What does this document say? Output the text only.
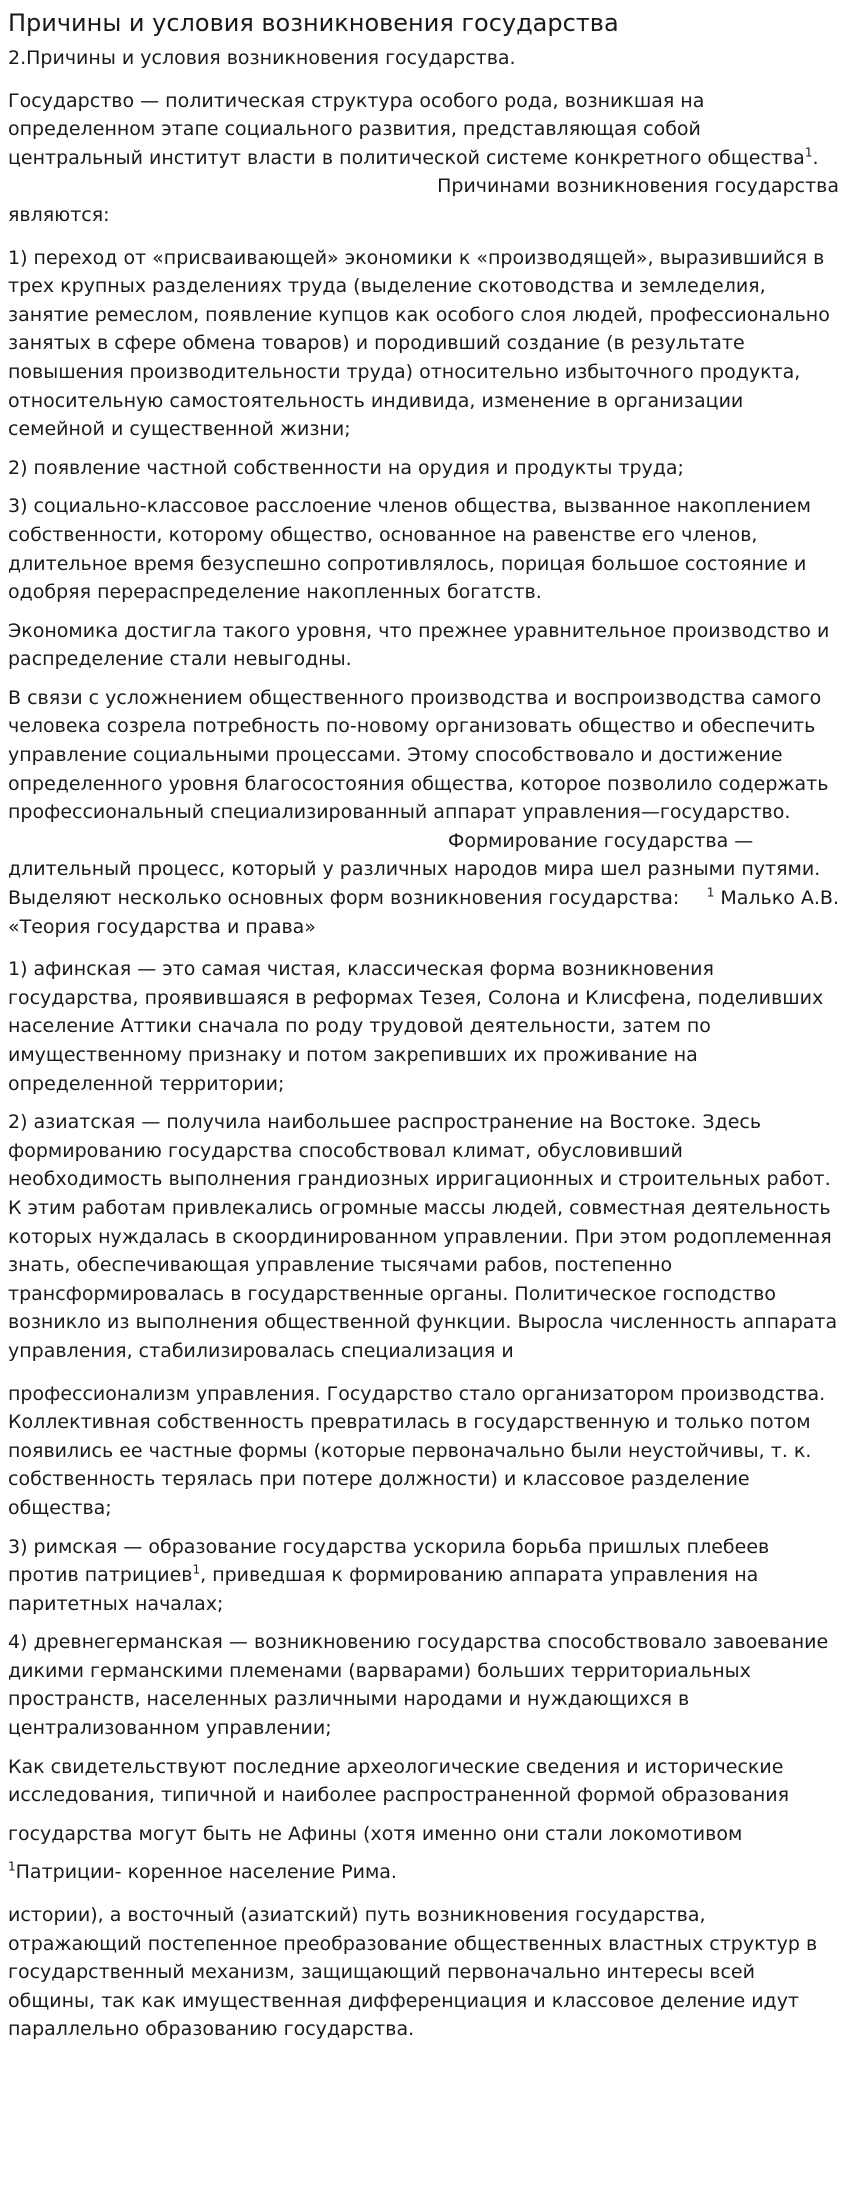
Причины и условия возникновения государства

2.Причины и условия возникновения государства.

Государство — политическая структура особого рода, возникшая на определенном этапе социального развития, представляющая собой центральный институт власти в политической системе конкретного общества$^1$.
Причинами возникновения государства
являются:

1) переход от «присваивающей» экономики к «производящей», выразившийся в трех крупных разделениях труда (выделение скотоводства и земледелия, занятие ремеслом, появление купцов как особого слоя людей, профессионально занятых в сфере обмена товаров) и породивший создание (в результате повышения производительности труда) относительно избыточного продукта, относительную самостоятельность индивида, изменение в организации семейной и существенной жизни;

2) появление частной собственности на орудия и продукты труда;

3) социально-классовое расслоение членов общества, вызванное накоплением собственности, которому общество, основанное на равенстве его членов, длительное время безуспешно сопротивлялось, порицая большое состояние и одобряя перераспределение накопленных богатств.

Экономика достигла такого уровня, что прежнее уравнительное производство и распределение стали невыгодны.

В связи с усложнением общественного производства и воспроизводства самого человека созрела потребность по-новому организовать общество и обеспечить управление социальными процессами. Этому способствовало и достижение определенного уровня благосостояния общества, которое позволило содержать профессиональный специализированный аппарат управления—государство. Формирование государства — длительный процесс, который у различных народов мира шел разными путями. Выделяют несколько основных форм возникновения государства: $^1$ Малько А.В.

«Теория государства и права»

1) афинская — это самая чистая, классическая форма возникновения государства, проявившаяся в реформах Тезея, Солона и Клисфена, поделивших население Аттики сначала по роду трудовой деятельности, затем по имущественному признаку и потом закрепивших их проживание на определенной территории;

2) азиатская — получила наибольшее распространение на Востоке. Здесь формированию государства способствовал климат, обусловивший необходимость выполнения грандиозных ирригационных и строительных работ. К этим работам привлекались огромные массы людей, совместная деятельность которых нуждалась в скоординированном управлении. При этом родоплеменная знать, обеспечивающая управление тысячами рабов, постепенно трансформировалась в государственные органы. Политическое господство возникло из выполнения общественной функции. Выросла численность аппарата управления, стабилизировалась специализация и

профессионализм управления. Государство стало организатором производства. Коллективная собственность превратилась в государственную и только потом появились ее частные формы (которые первоначально были неустойчивы, т. к. собственность терялась при потере должности) и классовое разделение общества;

3) римская — образование государства ускорила борьба пришлых плебеев против патрициев$^1$, приведшая к формированию аппарата управления на паритетных началах;

4) древнегерманская — возникновению государства способствовало завоевание дикими германскими племенами (варварами) больших территориальных пространств, населенных различными народами и нуждающихся в централизованном управлении;

Как свидетельствуют последние археологические сведения и исторические исследования, типичной и наиболее распространенной формой образования

государства могут быть не Афины (хотя именно они стали локомотивом

$^1$Патриции- коренное население Рима.

истории), а восточный (азиатский) путь возникновения государства, отражающий постепенное преобразование общественных властных структур в государственный механизм, защищающий первоначально интересы всей общины, так как имущественная дифференциация и классовое деление идут параллельно образованию государства.
